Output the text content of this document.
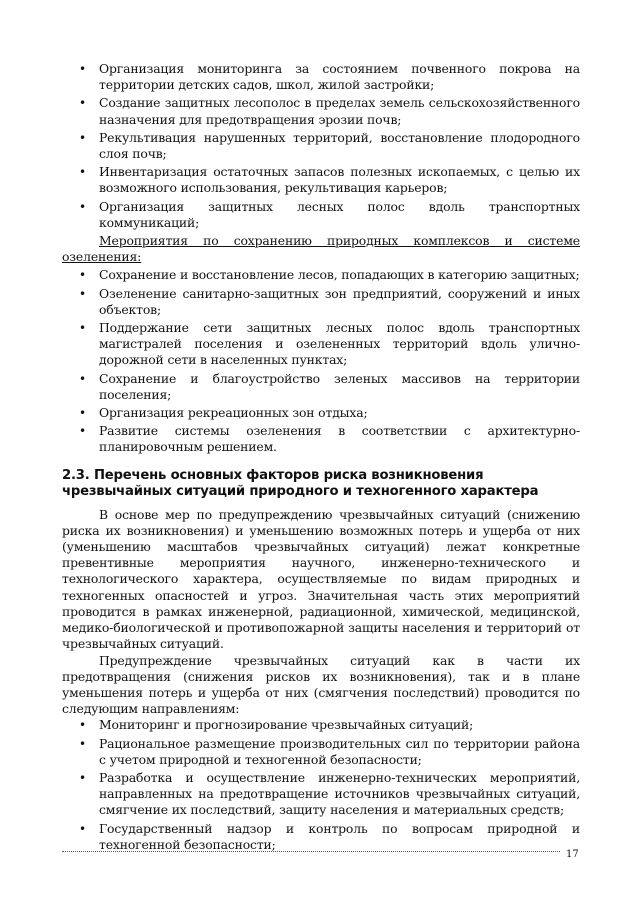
• Организация мониторинга за состоянием почвенного покрова на территории детских садов, школ, жилой застройки;
• Создание защитных лесополос в пределах земель сельскохозяйственного назначения для предотвращения эрозии почв;
• Рекультивация нарушенных территорий, восстановление плодородного слоя почв;
• Инвентаризация остаточных запасов полезных ископаемых, с целью их возможного использования, рекультивация карьеров;
• Организация защитных лесных полос вдоль транспортных коммуникаций;

Мероприятия по сохранению природных комплексов и системе озеленения:

• Сохранение и восстановление лесов, попадающих в категорию защитных;
• Озеленение санитарно-защитных зон предприятий, сооружений и иных объектов;
• Поддержание сети защитных лесных полос вдоль транспортных магистралей поселения и озелененных территорий вдоль улично-дорожной сети в населенных пунктах;
• Сохранение и благоустройство зеленых массивов на территории поселения;
• Организация рекреационных зон отдыха;
• Развитие системы озеленения в соответствии с архитектурно-планировочным решением.
2.3. Перечень основных факторов риска возникновения чрезвычайных ситуаций природного и техногенного характера

В основе мер по предупреждению чрезвычайных ситуаций (снижению риска их возникновения) и уменьшению возможных потерь и ущерба от них (уменьшению масштабов чрезвычайных ситуаций) лежат конкретные превентивные мероприятия научного, инженерно-технического и технологического характера, осуществляемые по видам природных и техногенных опасностей и угроз. Значительная часть этих мероприятий проводится в рамках инженерной, радиационной, химической, медицинской, медико-биологической и противопожарной защиты населения и территорий от чрезвычайных ситуаций.

Предупреждение чрезвычайных ситуаций как в части их предотвращения (снижения рисков их возникновения), так и в плане уменьшения потерь и ущерба от них (смягчения последствий) проводится по следующим направлениям:

• Мониторинг и прогнозирование чрезвычайных ситуаций;
• Рациональное размещение производительных сил по территории района с учетом природной и техногенной безопасности;
• Разработка и осуществление инженерно-технических мероприятий, направленных на предотвращение источников чрезвычайных ситуаций, смягчение их последствий, защиту населения и материальных средств;
• Государственный надзор и контроль по вопросам природной и техногенной безопасности;
17
